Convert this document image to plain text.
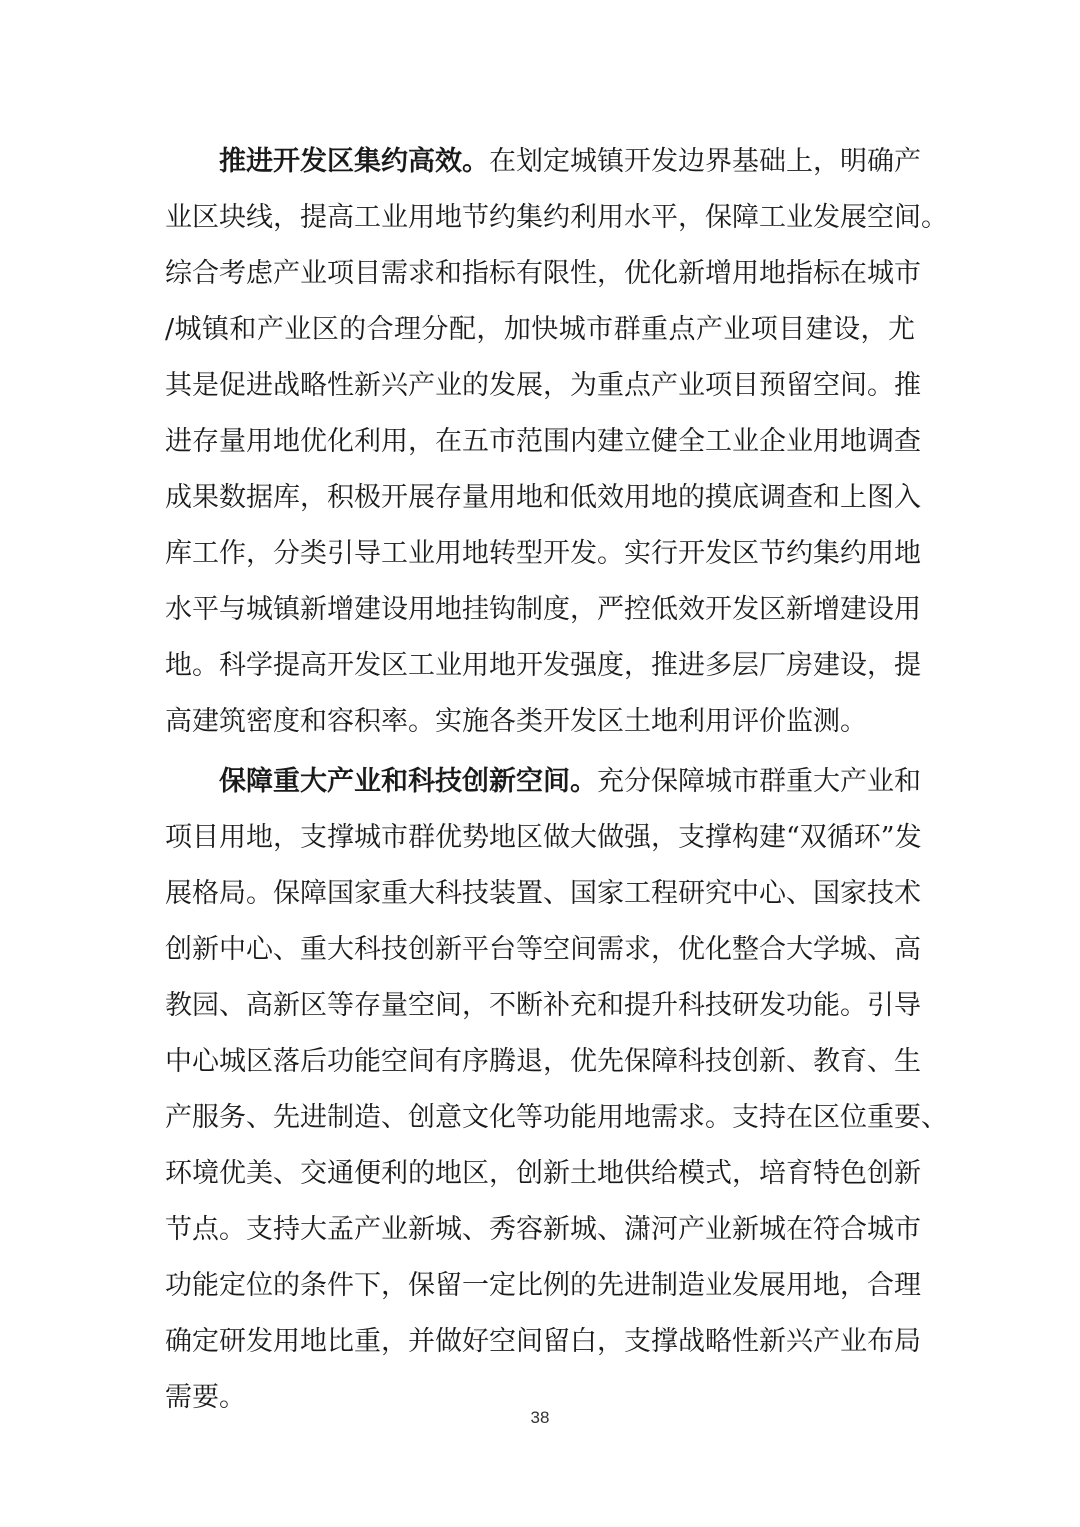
推进开发区集约高效。在划定城镇开发边界基础上，明确产
业区块线，提高工业用地节约集约利用水平，保障工业发展空间。
综合考虑产业项目需求和指标有限性，优化新增用地指标在城市
/城镇和产业区的合理分配，加快城市群重点产业项目建设，尤
其是促进战略性新兴产业的发展，为重点产业项目预留空间。推
进存量用地优化利用，在五市范围内建立健全工业企业用地调查
成果数据库，积极开展存量用地和低效用地的摸底调查和上图入
库工作，分类引导工业用地转型开发。实行开发区节约集约用地
水平与城镇新增建设用地挂钩制度，严控低效开发区新增建设用
地。科学提高开发区工业用地开发强度，推进多层厂房建设，提
高建筑密度和容积率。实施各类开发区土地利用评价监测。
保障重大产业和科技创新空间。充分保障城市群重大产业和
项目用地，支撑城市群优势地区做大做强，支撑构建“双循环”发
展格局。保障国家重大科技装置、国家工程研究中心、国家技术
创新中心、重大科技创新平台等空间需求，优化整合大学城、高
教园、高新区等存量空间，不断补充和提升科技研发功能。引导
中心城区落后功能空间有序腾退，优先保障科技创新、教育、生
产服务、先进制造、创意文化等功能用地需求。支持在区位重要、
环境优美、交通便利的地区，创新土地供给模式，培育特色创新
节点。支持大孟产业新城、秀容新城、潇河产业新城在符合城市
功能定位的条件下，保留一定比例的先进制造业发展用地，合理
确定研发用地比重，并做好空间留白，支撑战略性新兴产业布局
需要。
38
